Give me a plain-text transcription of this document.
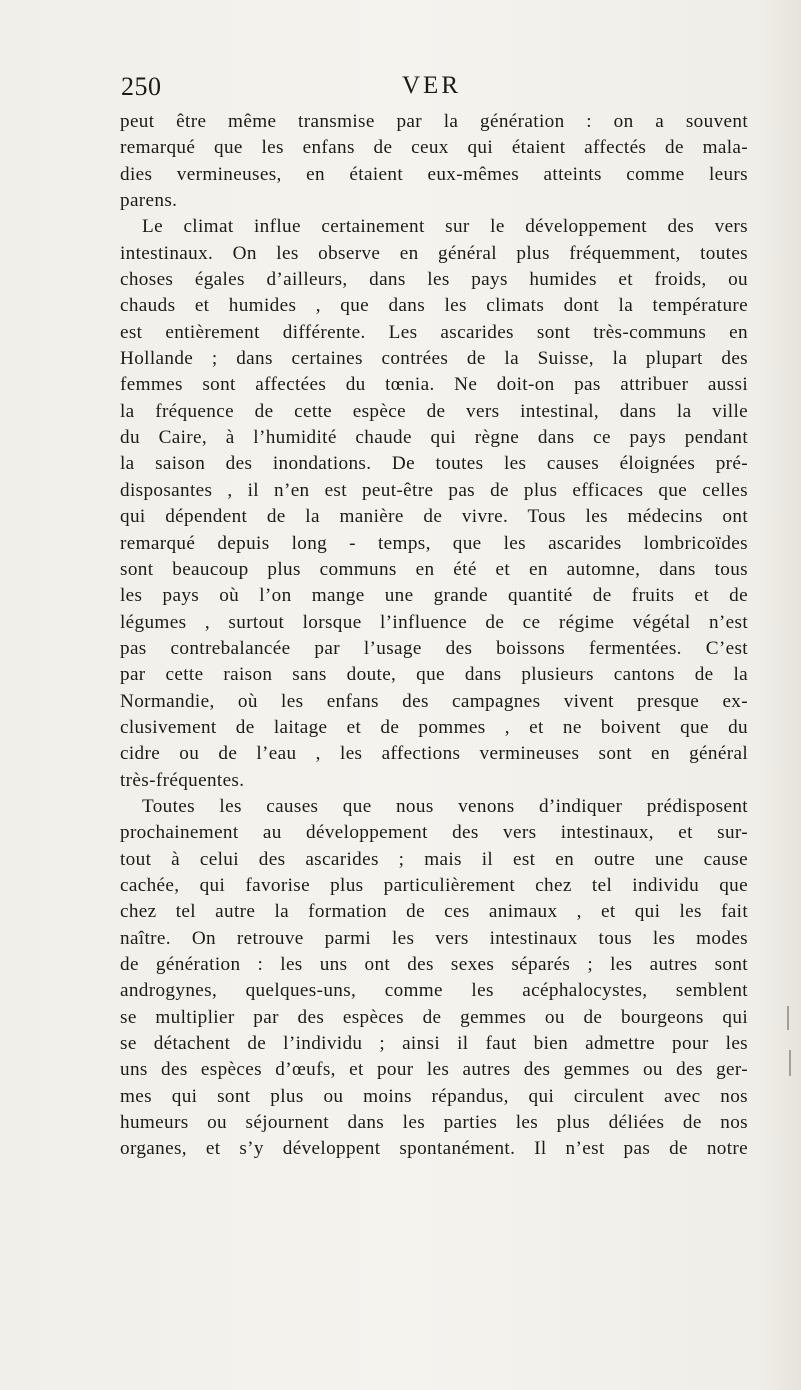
250	VER
peut être même transmise par la génération : on a souvent
remarqué que les enfans de ceux qui étaient affectés de mala-
dies vermineuses, en étaient eux-mêmes atteints comme leurs
parens.
Le climat influe certainement sur le développement des vers
intestinaux. On les observe en général plus fréquemment, toutes
choses égales d’ailleurs, dans les pays humides et froids, ou
chauds et humides , que dans les climats dont la température
est entièrement différente. Les ascarides sont très-communs en
Hollande ; dans certaines contrées de la Suisse, la plupart des
femmes sont affectées du tœnia. Ne doit-on pas attribuer aussi
la fréquence de cette espèce de vers intestinal, dans la ville
du Caire, à l’humidité chaude qui règne dans ce pays pendant
la saison des inondations. De toutes les causes éloignées pré-
disposantes , il n’en est peut-être pas de plus efficaces que celles
qui dépendent de la manière de vivre. Tous les médecins ont
remarqué depuis long - temps, que les ascarides lombricoïdes
sont beaucoup plus communs en été et en automne, dans tous
les pays où l’on mange une grande quantité de fruits et de
légumes , surtout lorsque l’influence de ce régime végétal n’est
pas contrebalancée par l’usage des boissons fermentées. C’est
par cette raison sans doute, que dans plusieurs cantons de la
Normandie, où les enfans des campagnes vivent presque ex-
clusivement de laitage et de pommes , et ne boivent que du
cidre ou de l’eau , les affections vermineuses sont en général
très-fréquentes.
Toutes les causes que nous venons d’indiquer prédisposent
prochainement au développement des vers intestinaux, et sur-
tout à celui des ascarides ; mais il est en outre une cause
cachée, qui favorise plus particulièrement chez tel individu que
chez tel autre la formation de ces animaux , et qui les fait
naître. On retrouve parmi les vers intestinaux tous les modes
de génération : les uns ont des sexes séparés ; les autres sont
androgynes, quelques-uns, comme les acéphalocystes, semblent
se multiplier par des espèces de gemmes ou de bourgeons qui
se détachent de l’individu ; ainsi il faut bien admettre pour les
uns des espèces d’œufs, et pour les autres des gemmes ou des ger-
mes qui sont plus ou moins répandus, qui circulent avec nos
humeurs ou séjournent dans les parties les plus déliées de nos
organes, et s’y développent spontanément. Il n’est pas de notre
